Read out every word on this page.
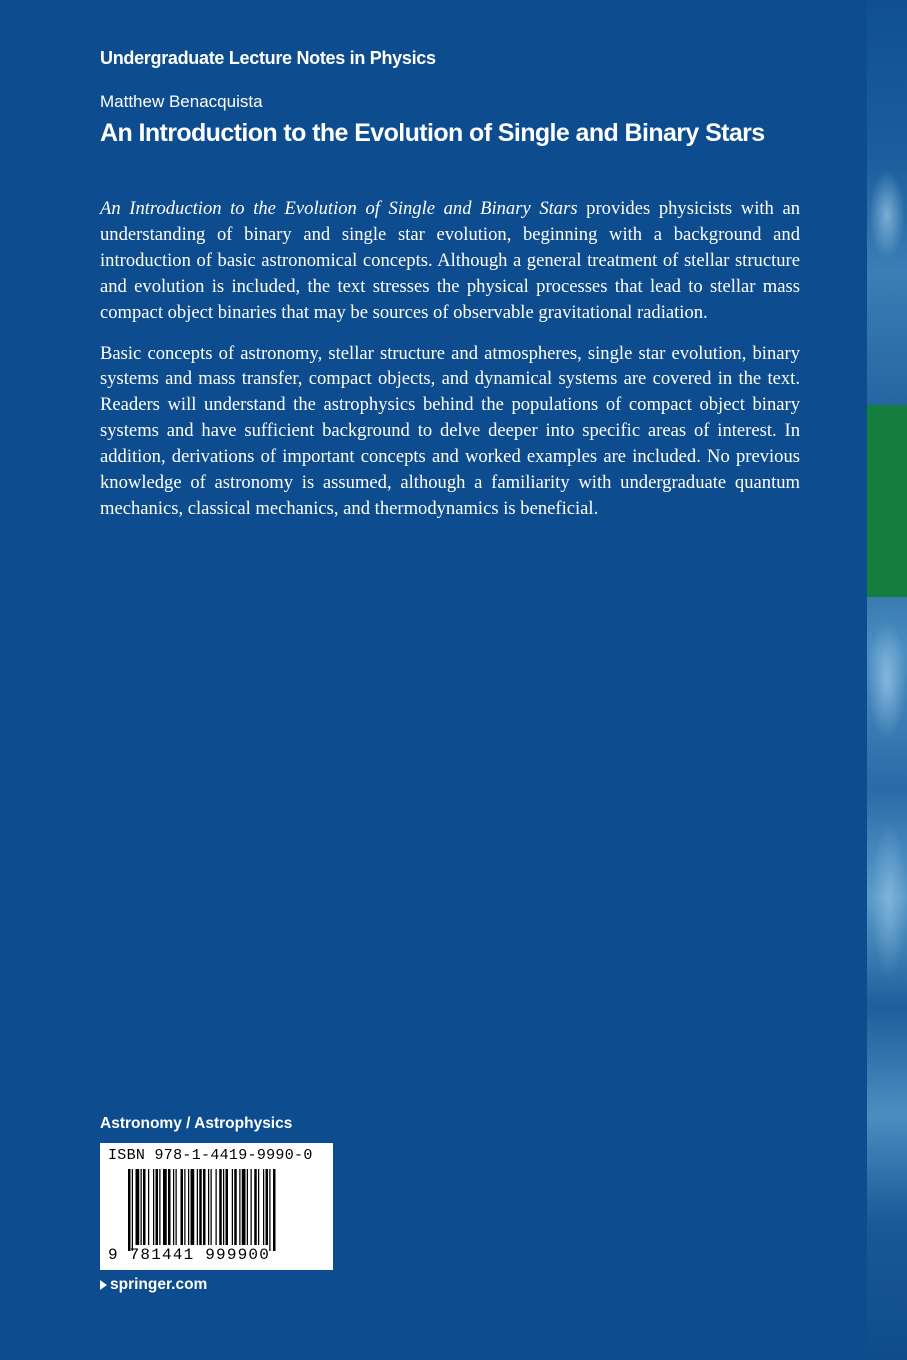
Undergraduate Lecture Notes in Physics
Matthew Benacquista
An Introduction to the Evolution of Single and Binary Stars

An Introduction to the Evolution of Single and Binary Stars provides physicists with an understanding of binary and single star evolution, beginning with a background and introduction of basic astronomical concepts. Although a general treatment of stellar structure and evolution is included, the text stresses the physical processes that lead to stellar mass compact object binaries that may be sources of observable gravitational radiation.

Basic concepts of astronomy, stellar structure and atmospheres, single star evolution, binary systems and mass transfer, compact objects, and dynamical systems are covered in the text. Readers will understand the astrophysics behind the populations of compact object binary systems and have sufficient background to delve deeper into specific areas of interest. In addition, derivations of important concepts and worked examples are included. No previous knowledge of astronomy is assumed, although a familiarity with undergraduate quantum mechanics, classical mechanics, and thermodynamics is beneficial.

Astronomy / Astrophysics
ISBN 978-1-4419-9990-0
9 781441 999900
springer.com
